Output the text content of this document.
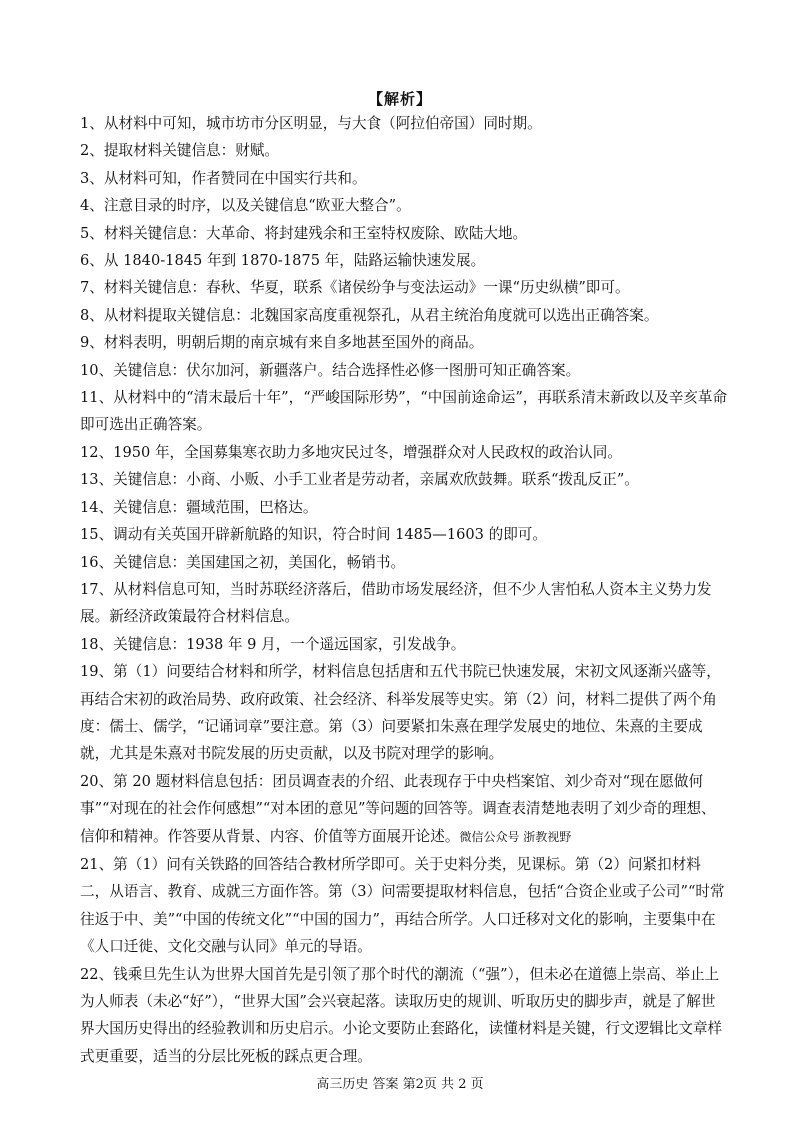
【解析】

1、从材料中可知，城市坊市分区明显，与大食（阿拉伯帝国）同时期。

2、提取材料关键信息：财赋。

3、从材料可知，作者赞同在中国实行共和。

4、注意目录的时序，以及关键信息“欧亚大整合”。

5、材料关键信息：大革命、将封建残余和王室特权废除、欧陆大地。

6、从 1840-1845 年到 1870-1875 年，陆路运输快速发展。

7、材料关键信息：春秋、华夏，联系《诸侯纷争与变法运动》一课“历史纵横”即可。

8、从材料提取关键信息：北魏国家高度重视祭孔，从君主统治角度就可以选出正确答案。

9、材料表明，明朝后期的南京城有来自多地甚至国外的商品。

10、关键信息：伏尔加河，新疆落户。结合选择性必修一图册可知正确答案。

11、从材料中的“清末最后十年”，“严峻国际形势”，“中国前途命运”，再联系清末新政以及辛亥革命即可选出正确答案。

12、1950 年，全国募集寒衣助力多地灾民过冬，增强群众对人民政权的政治认同。

13、关键信息：小商、小贩、小手工业者是劳动者，亲属欢欣鼓舞。联系“拨乱反正”。

14、关键信息：疆域范围，巴格达。

15、调动有关英国开辟新航路的知识，符合时间 1485—1603 的即可。

16、关键信息：美国建国之初，美国化，畅销书。

17、从材料信息可知，当时苏联经济落后，借助市场发展经济，但不少人害怕私人资本主义势力发展。新经济政策最符合材料信息。

18、关键信息：1938 年 9 月，一个遥远国家，引发战争。

19、第（1）问要结合材料和所学，材料信息包括唐和五代书院已快速发展，宋初文风逐渐兴盛等，再结合宋初的政治局势、政府政策、社会经济、科举发展等史实。第（2）问，材料二提供了两个角度：儒士、儒学，“记诵词章”要注意。第（3）问要紧扣朱熹在理学发展史的地位、朱熹的主要成就，尤其是朱熹对书院发展的历史贡献，以及书院对理学的影响。

20、第 20 题材料信息包括：团员调查表的介绍、此表现存于中央档案馆、刘少奇对“现在愿做何事”“对现在的社会作何感想”“对本团的意见”等问题的回答等。调查表清楚地表明了刘少奇的理想、信仰和精神。作答要从背景、内容、价值等方面展开论述。微信公众号 浙教视野

21、第（1）问有关铁路的回答结合教材所学即可。关于史料分类，见课标。第（2）问紧扣材料二，从语言、教育、成就三方面作答。第（3）问需要提取材料信息，包括“合资企业或子公司”“时常往返于中、美”“中国的传统文化”“中国的国力”，再结合所学。人口迁移对文化的影响，主要集中在《人口迁徙、文化交融与认同》单元的导语。

22、钱乘旦先生认为世界大国首先是引领了那个时代的潮流（“强”），但未必在道德上崇高、举止上为人师表（未必“好”），“世界大国”会兴衰起落。读取历史的规训、听取历史的脚步声，就是了解世界大国历史得出的经验教训和历史启示。小论文要防止套路化，读懂材料是关键，行文逻辑比文章样式更重要，适当的分层比死板的踩点更合理。

高三历史 答案 第2页 共 2 页
